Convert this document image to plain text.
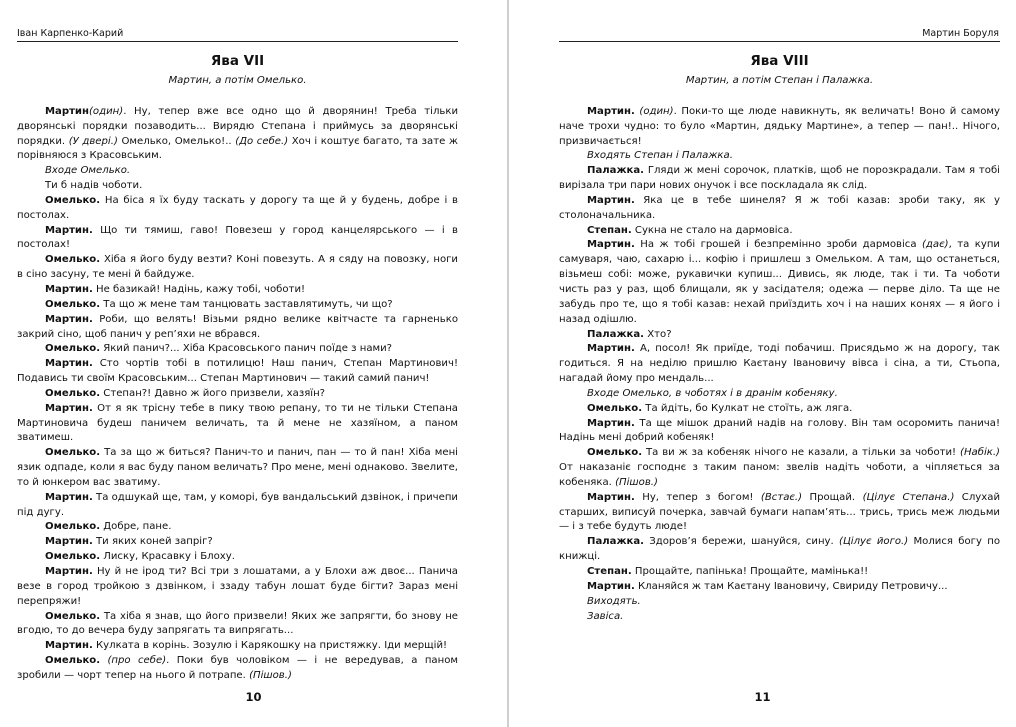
Іван Карпенко-Карий
Ява VII
Мартин, а потім Омелько.

Мартин(один). Ну, тепер вже все одно що й дворянин! Треба тільки дворянські порядки позаводить... Вирядю Степана і приймусь за дворянські порядки. (У двері.) Омелько, Омелько!.. (До себе.) Хоч і коштує багато, та зате ж порівняюся з Красовським.

Входе Омелько.

Ти б надів чоботи.

Омелько. На біса я їх буду таскать у дорогу та ще й у будень, добре і в постолах.

Мартин. Що ти тямиш, гаво! Повезеш у город канцелярського — і в постолах!

Омелько. Хіба я його буду везти? Коні повезуть. А я сяду на повозку, ноги в сіно засуну, те мені й байдуже.

Мартин. Не базикай! Надінь, кажу тобі, чоботи!

Омелько. Та що ж мене там танцювать заставлятимуть, чи що?

Мартин. Роби, що велять! Візьми рядно велике квітчасте та гарненько закрий сіно, щоб панич у реп’яхи не вбрався.

Омелько. Який панич?... Хіба Красовського панич поїде з нами?

Мартин. Сто чортів тобі в потилицю! Наш панич, Степан Мартинович! Подавись ти своїм Красовським... Степан Мартинович — такий самий панич!

Омелько. Степан?! Давно ж його призвели, хазяїн?

Мартин. От я як трісну тебе в пику твою репану, то ти не тільки Степана Мартиновича будеш паничем величать, та й мене не хазяїном, а паном зватимеш.

Омелько. Та за що ж биться? Панич-то и панич, пан — то й пан! Хіба мені язик одпаде, коли я вас буду паном величать? Про мене, мені однаково. Звелите, то й юнкером вас зватиму.

Мартин. Та одшукай ще, там, у коморі, був вандальський дзвінок, і причепи під дугу.

Омелько. Добре, пане.

Мартин. Ти яких коней запріг?

Омелько. Лиску, Красавку і Блоху.

Мартин. Ну й не ірод ти? Всі три з лошатами, а у Блохи аж двоє... Панича везе в город тройкою з дзвінком, і ззаду табун лошат буде бігти? Зараз мені перепряжи!

Омелько. Та хіба я знав, що його призвели! Яких же запрягти, бо знову не вгодю, то до вечера буду запрягать та випрягать...

Мартин. Кулката в корінь. Зозулю і Карякошку на пристяжку. Іди мерщій!

Омелько. (про себе). Поки був чоловіком — і не вередував, а паном зробили — чорт тепер на нього й потрапе. (Пішов.)

10
Мартин Боруля
Ява VIII
Мартин, а потім Степан і Палажка.

Мартин. (один). Поки-то ще люде навикнуть, як величать! Воно й самому наче трохи чудно: то було «Мартин, дядьку Мартине», а тепер — пан!.. Нічого, призвичається!

Входять Степан і Палажка.

Палажка. Гляди ж мені сорочок, платків, щоб не порозкрадали. Там я тобі вирізала три пари нових онучок і все поскладала як слід.

Мартин. Яка це в тебе шинеля? Я ж тобі казав: зроби таку, як у столоначальника.

Степан. Сукна не стало на дармовіса.

Мартин. На ж тобі грошей і безпремінно зроби дармовіса (дає), та купи самуваря, чаю, сахарю і... кофію і пришлеш з Омельком. А там, що останеться, візьмеш собі: може, рукавички купиш... Дивись, як люде, так і ти. Та чоботи чисть раз у раз, щоб блищали, як у засідателя; одежа — перве діло. Та ще не забудь про те, що я тобі казав: нехай приїздить хоч і на наших конях — я його і назад одішлю.

Палажка. Хто?

Мартин. А, посол! Як приїде, тоді побачиш. Присядьмо ж на дорогу, так годиться. Я на неділю пришлю Каєтану Івановичу вівса і сіна, а ти, Стьопа, нагадай йому про мендаль...

Входе Омелько, в чоботях і в дранім кобеняку.

Омелько. Та йдіть, бо Кулкат не стоїть, аж ляга.

Мартин. Та ще мішок драний надів на голову. Він там осоромить панича! Надінь мені добрий кобеняк!

Омелько. Та ви ж за кобеняк нічого не казали, а тільки за чоботи! (Набік.) От наказаніє господнє з таким паном: звелів надіть чоботи, а чіпляється за кобеняка. (Пішов.)

Мартин. Ну, тепер з богом! (Встає.) Прощай. (Цілує Степана.) Слухай старших, виписуй почерка, завчай бумаги напам’ять... трись, трись меж людьми — і з тебе будуть люде!

Палажка. Здоров’я бережи, шануйся, сину. (Цілує його.) Молися богу по книжці.

Степан. Прощайте, папінька! Прощайте, мамінька!!

Мартин. Кланяйся ж там Каєтану Івановичу, Свириду Петровичу...

Виходять.

Завіса.

11
